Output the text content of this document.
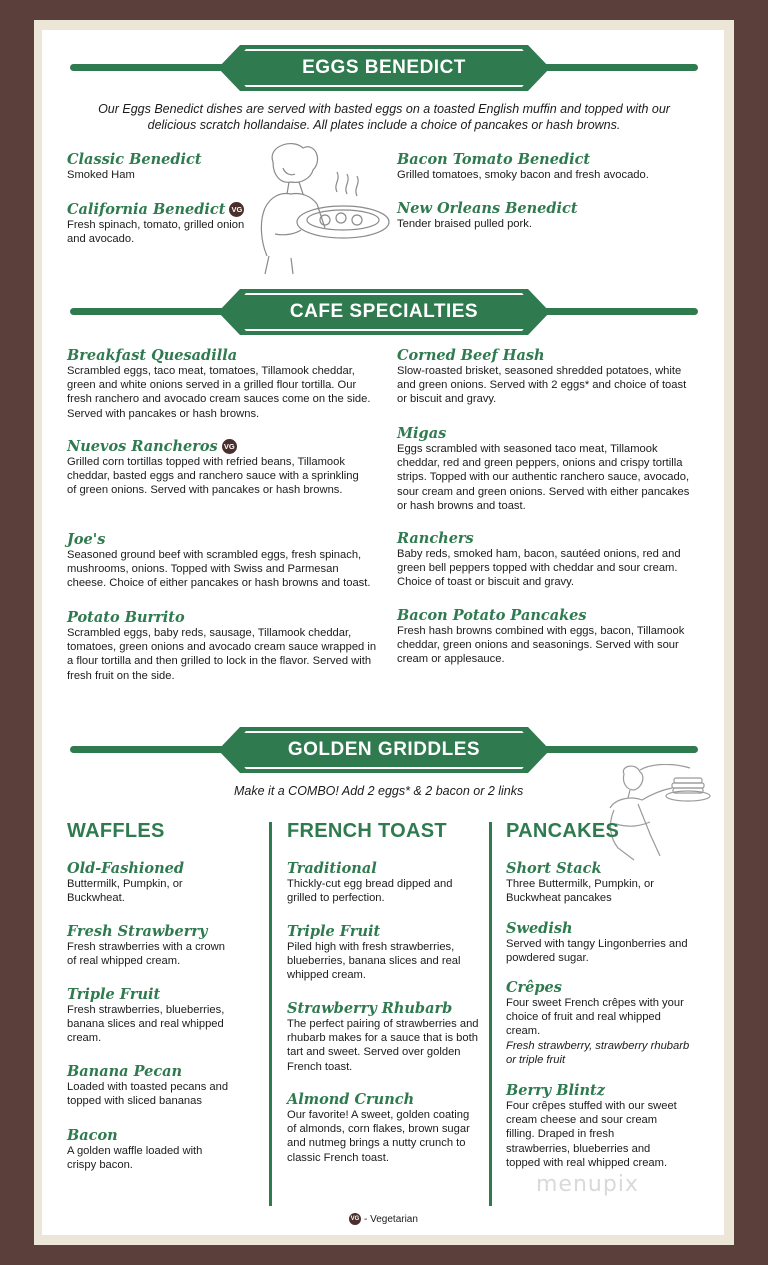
EGGS BENEDICT
Our Eggs Benedict dishes are served with basted eggs on a toasted English muffin and topped with our delicious scratch hollandaise. All plates include a choice of pancakes or hash browns.
Classic Benedict
Smoked Ham
California Benedict VG
Fresh spinach, tomato, grilled onion and avocado.
Bacon Tomato Benedict
Grilled tomatoes, smoky bacon and fresh avocado.
New Orleans Benedict
Tender braised pulled pork.
CAFE SPECIALTIES
Breakfast Quesadilla
Scrambled eggs, taco meat, tomatoes, Tillamook cheddar, green and white onions served in a grilled flour tortilla. Our fresh ranchero and avocado cream sauces come on the side. Served with pancakes or hash browns.
Nuevos Rancheros VG
Grilled corn tortillas topped with refried beans, Tillamook cheddar, basted eggs and ranchero sauce with a sprinkling of green onions. Served with pancakes or hash browns.
Joe's
Seasoned ground beef with scrambled eggs, fresh spinach, mushrooms, onions. Topped with Swiss and Parmesan cheese. Choice of either pancakes or hash browns and toast.
Potato Burrito
Scrambled eggs, baby reds, sausage, Tillamook cheddar, tomatoes, green onions and avocado cream sauce wrapped in a flour tortilla and then grilled to lock in the flavor. Served with fresh fruit on the side.
Corned Beef Hash
Slow-roasted brisket, seasoned shredded potatoes, white and green onions. Served with 2 eggs* and choice of toast or biscuit and gravy.
Migas
Eggs scrambled with seasoned taco meat, Tillamook cheddar, red and green peppers, onions and crispy tortilla strips. Topped with our authentic ranchero sauce, avocado, sour cream and green onions. Served with either pancakes or hash browns and toast.
Ranchers
Baby reds, smoked ham, bacon, sautéed onions, red and green bell peppers topped with cheddar and sour cream. Choice of toast or biscuit and gravy.
Bacon Potato Pancakes
Fresh hash browns combined with eggs, bacon, Tillamook cheddar, green onions and seasonings. Served with sour cream or applesauce.
GOLDEN GRIDDLES
Make it a COMBO! Add 2 eggs* & 2 bacon or 2 links
WAFFLES	FRENCH TOAST	PANCAKES
Old-Fashioned
Buttermilk, Pumpkin, or Buckwheat.
Fresh Strawberry
Fresh strawberries with a crown of real whipped cream.
Triple Fruit
Fresh strawberries, blueberries, banana slices and real whipped cream.
Banana Pecan
Loaded with toasted pecans and topped with sliced bananas
Bacon
A golden waffle loaded with crispy bacon.
Traditional
Thickly-cut egg bread dipped and grilled to perfection.
Triple Fruit
Piled high with fresh strawberries, blueberries, banana slices and real whipped cream.
Strawberry Rhubarb
The perfect pairing of strawberries and rhubarb makes for a sauce that is both tart and sweet. Served over golden French toast.
Almond Crunch
Our favorite! A sweet, golden coating of almonds, corn flakes, brown sugar and nutmeg brings a nutty crunch to classic French toast.
Short Stack
Three Buttermilk, Pumpkin, or Buckwheat pancakes
Swedish
Served with tangy Lingonberries and powdered sugar.
Crêpes
Four sweet French crêpes with your choice of fruit and real whipped cream.
Fresh strawberry, strawberry rhubarb or triple fruit
Berry Blintz
Four crêpes stuffed with our sweet cream cheese and sour cream filling. Draped in fresh strawberries, blueberries and topped with real whipped cream.
menupix
VG - Vegetarian
